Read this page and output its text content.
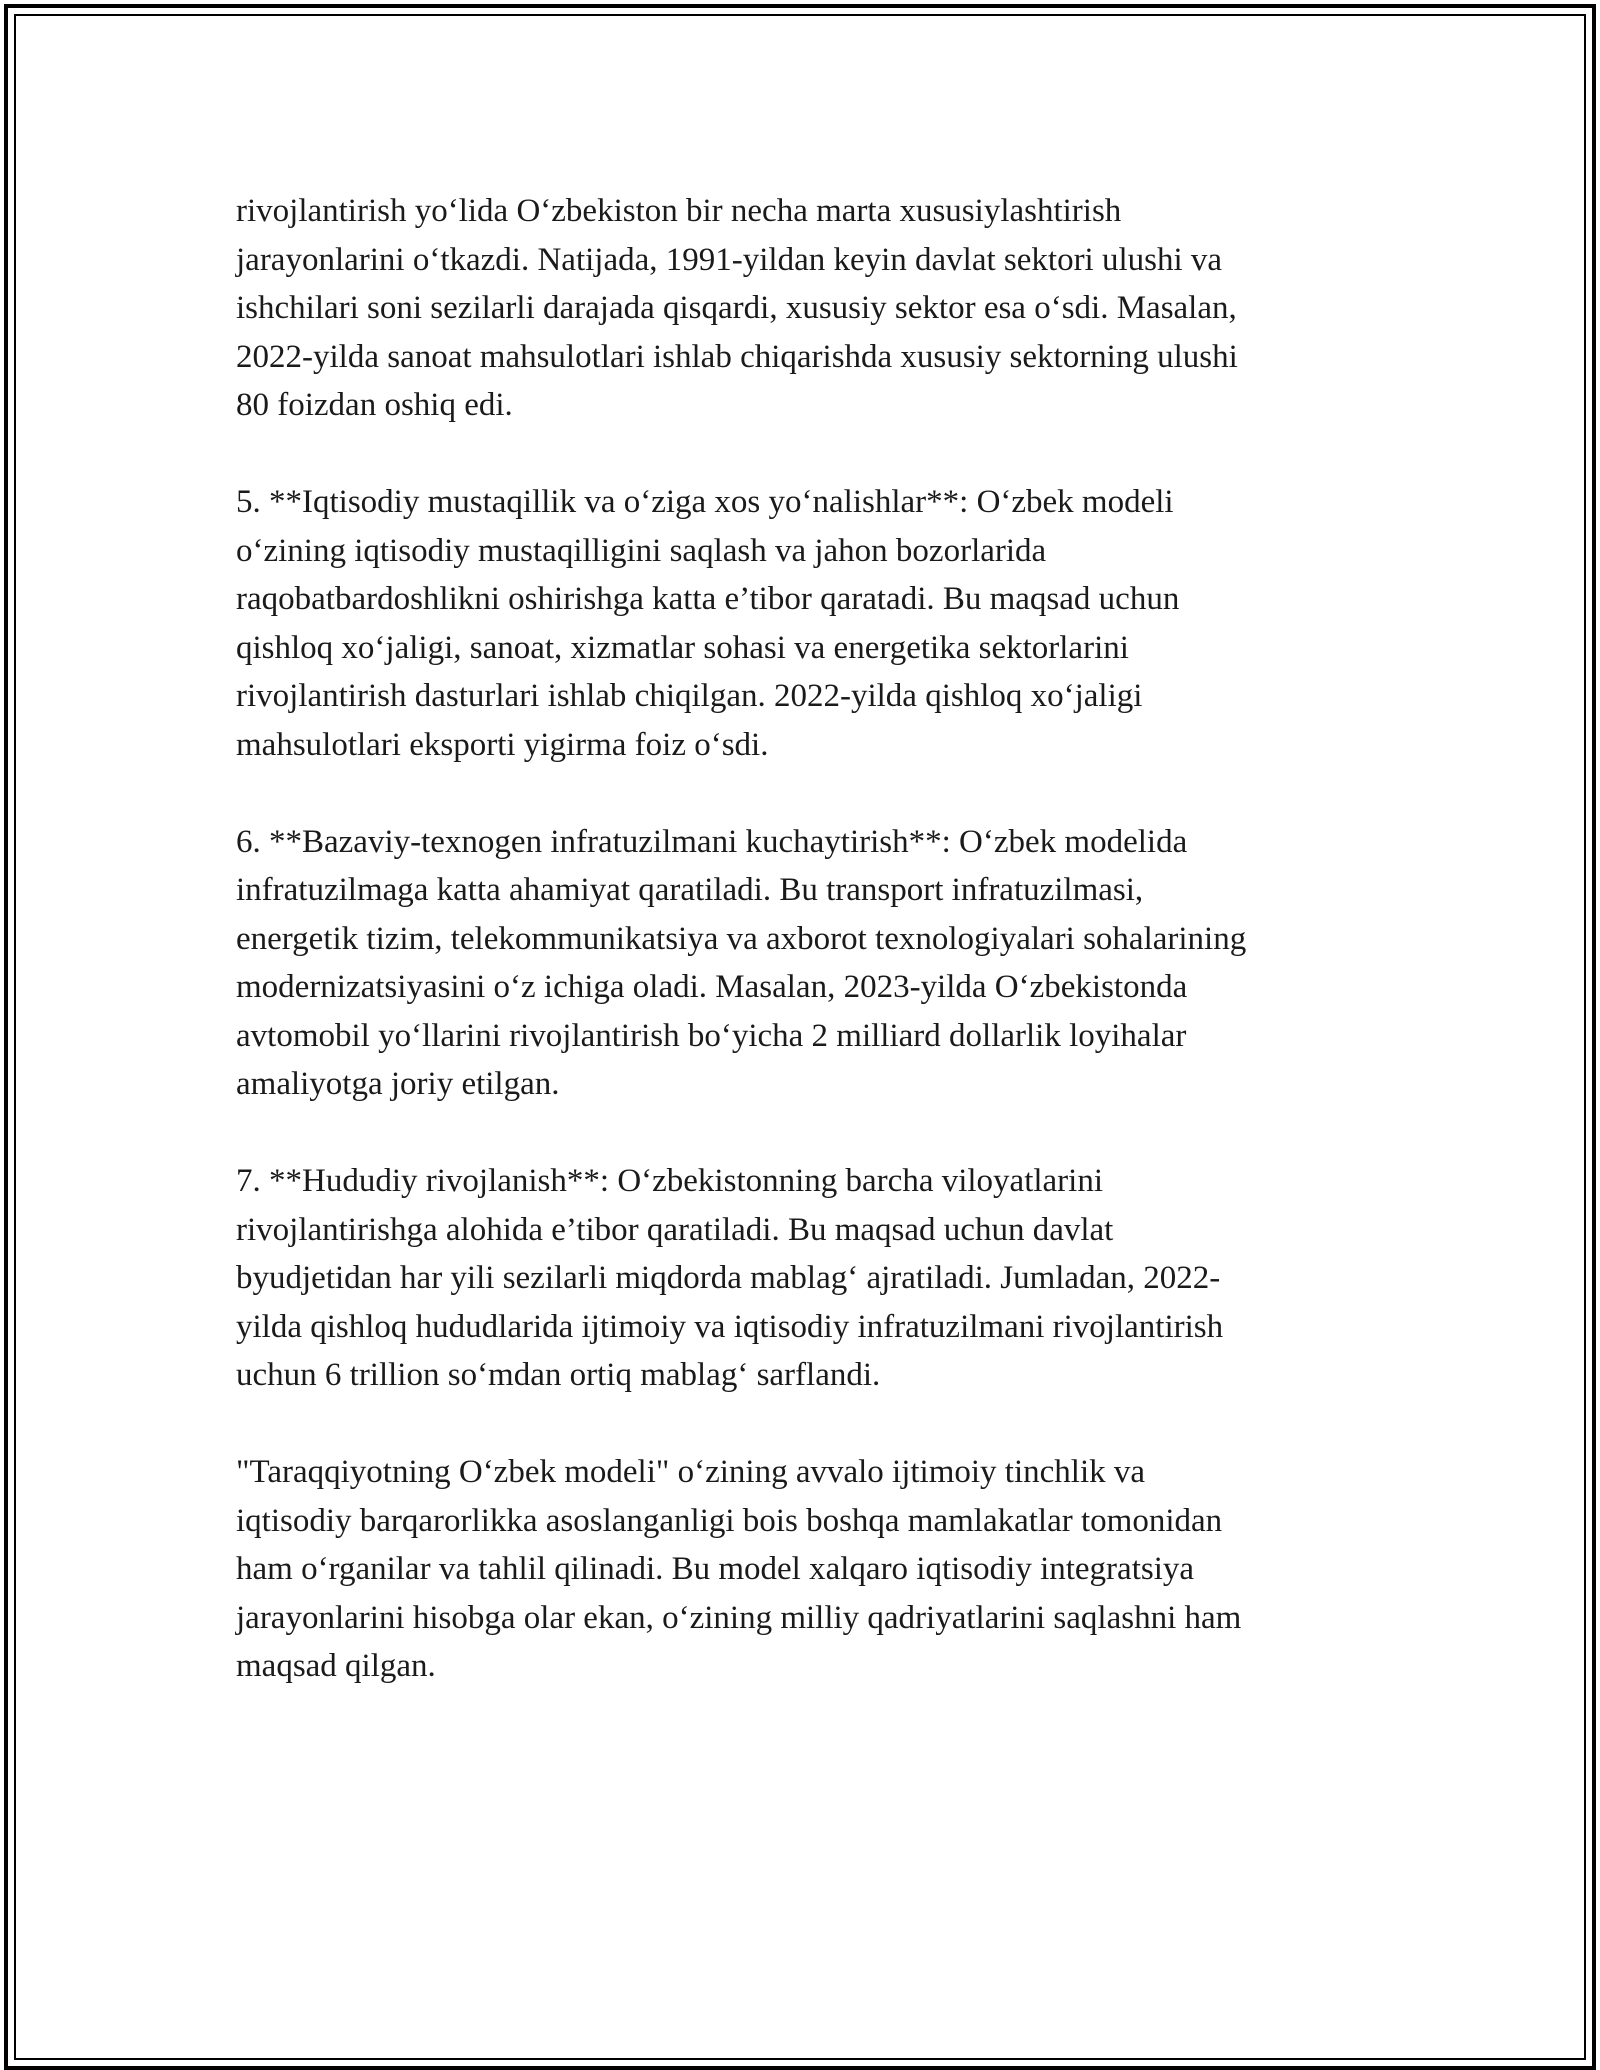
rivojlantirish yo‘lida O‘zbekiston bir necha marta xususiylashtirish
jarayonlarini o‘tkazdi. Natijada, 1991-yildan keyin davlat sektori ulushi va
ishchilari soni sezilarli darajada qisqardi, xususiy sektor esa o‘sdi. Masalan,
2022-yilda sanoat mahsulotlari ishlab chiqarishda xususiy sektorning ulushi
80 foizdan oshiq edi.

5. **Iqtisodiy mustaqillik va o‘ziga xos yo‘nalishlar**: O‘zbek modeli
o‘zining iqtisodiy mustaqilligini saqlash va jahon bozorlarida
raqobatbardoshlikni oshirishga katta e’tibor qaratadi. Bu maqsad uchun
qishloq xo‘jaligi, sanoat, xizmatlar sohasi va energetika sektorlarini
rivojlantirish dasturlari ishlab chiqilgan. 2022-yilda qishloq xo‘jaligi
mahsulotlari eksporti yigirma foiz o‘sdi.

6. **Bazaviy-texnogen infratuzilmani kuchaytirish**: O‘zbek modelida
infratuzilmaga katta ahamiyat qaratiladi. Bu transport infratuzilmasi,
energetik tizim, telekommunikatsiya va axborot texnologiyalari sohalarining
modernizatsiyasini o‘z ichiga oladi. Masalan, 2023-yilda O‘zbekistonda
avtomobil yo‘llarini rivojlantirish bo‘yicha 2 milliard dollarlik loyihalar
amaliyotga joriy etilgan.

7. **Hududiy rivojlanish**: O‘zbekistonning barcha viloyatlarini
rivojlantirishga alohida e’tibor qaratiladi. Bu maqsad uchun davlat
byudjetidan har yili sezilarli miqdorda mablag‘ ajratiladi. Jumladan, 2022-
yilda qishloq hududlarida ijtimoiy va iqtisodiy infratuzilmani rivojlantirish
uchun 6 trillion so‘mdan ortiq mablag‘ sarflandi.

"Taraqqiyotning O‘zbek modeli" o‘zining avvalo ijtimoiy tinchlik va
iqtisodiy barqarorlikka asoslanganligi bois boshqa mamlakatlar tomonidan
ham o‘rganilar va tahlil qilinadi. Bu model xalqaro iqtisodiy integratsiya
jarayonlarini hisobga olar ekan, o‘zining milliy qadriyatlarini saqlashni ham
maqsad qilgan.
